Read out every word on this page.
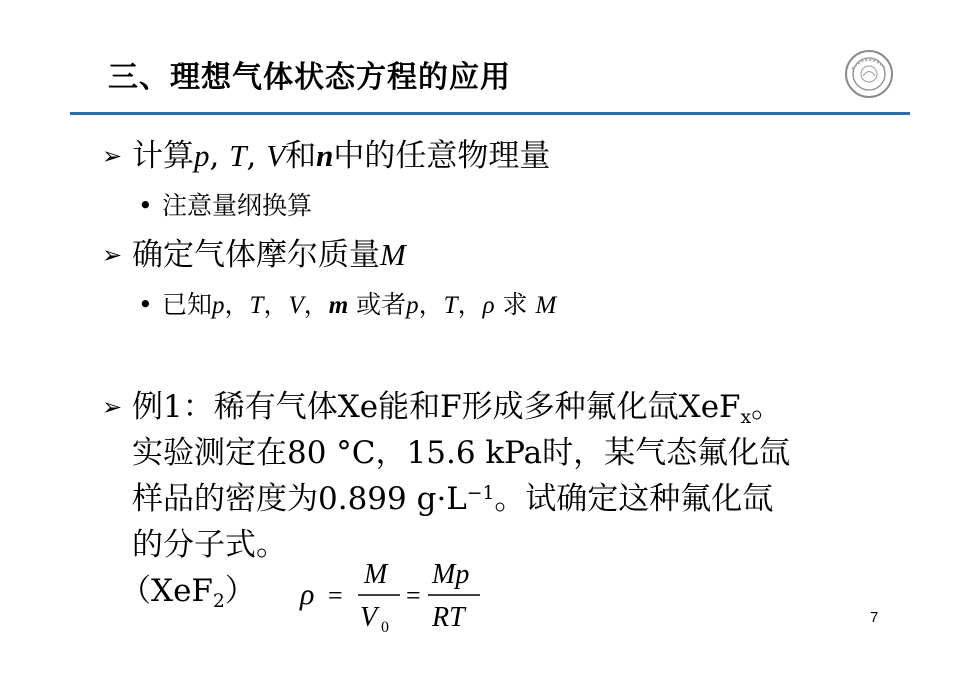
三、理想气体状态方程的应用
➢ 计算p, T, V和n中的任意物理量
• 注意量纲换算
➢ 确定气体摩尔质量M
• 已知p，T，V，m 或者p，T，ρ 求 M
➢ 例1：稀有气体Xe能和F形成多种氟化氙XeF$_x$。
实验测定在80 °C，15.6 kPa时，某气态氟化氙
样品的密度为0.899 $g\cdot L^{-1}$。试确定这种氟化氙
的分子式。
（XeF$_2$） ρ =
M
V 0
=
Mp
RT	7
